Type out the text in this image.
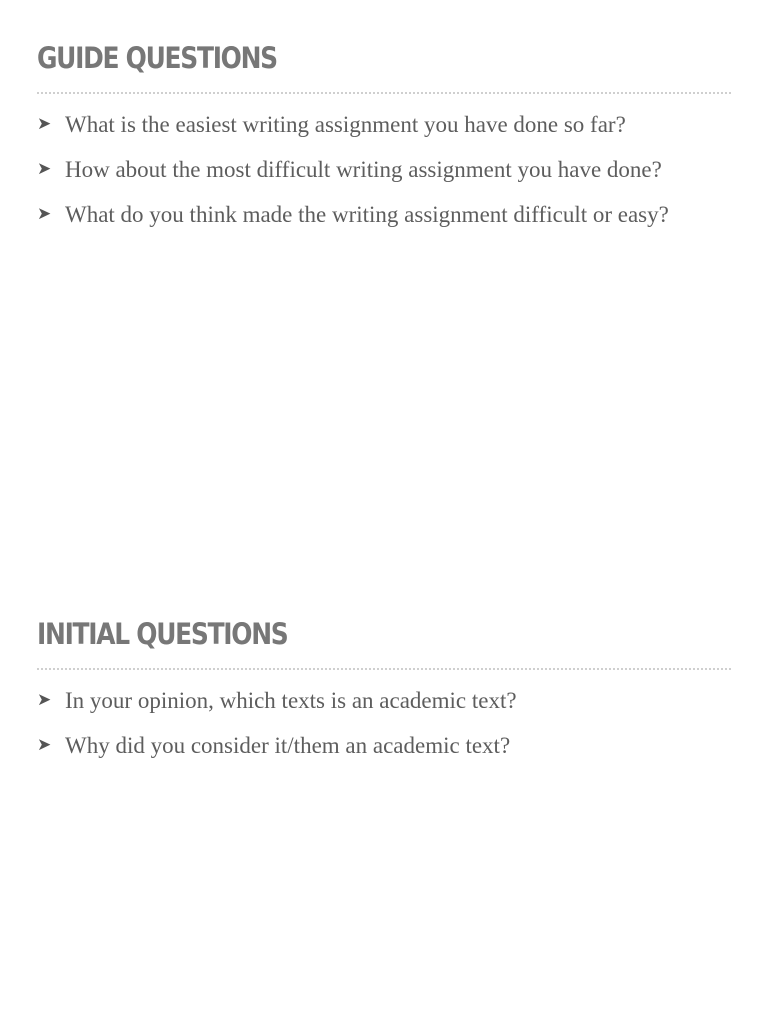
GUIDE QUESTIONS
➤ What is the easiest writing assignment you have done so far?
➤ How about the most difficult writing assignment you have done?
➤ What do you think made the writing assignment difficult or easy?
INITIAL QUESTIONS
➤ In your opinion, which texts is an academic text?
➤ Why did you consider it/them an academic text?
